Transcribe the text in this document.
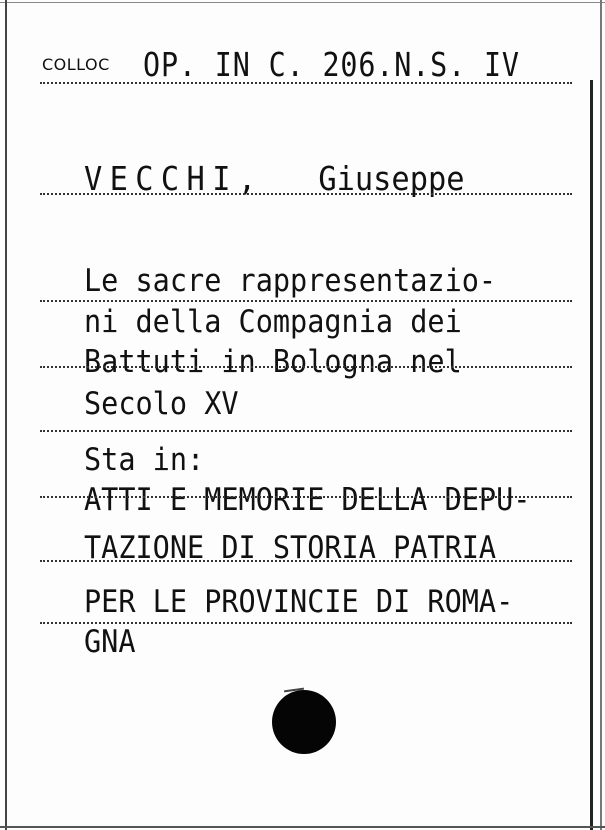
COLLOC OP. IN C. 206.N.S. IV
VECCHI, Giuseppe
Le sacre rappresentazio-
ni della Compagnia dei
Battuti in Bologna nel
Secolo XV
Sta in:
ATTI E MEMORIE DELLA DEPU-
TAZIONE DI STORIA PATRIA
PER LE PROVINCIE DI ROMA-
GNA
